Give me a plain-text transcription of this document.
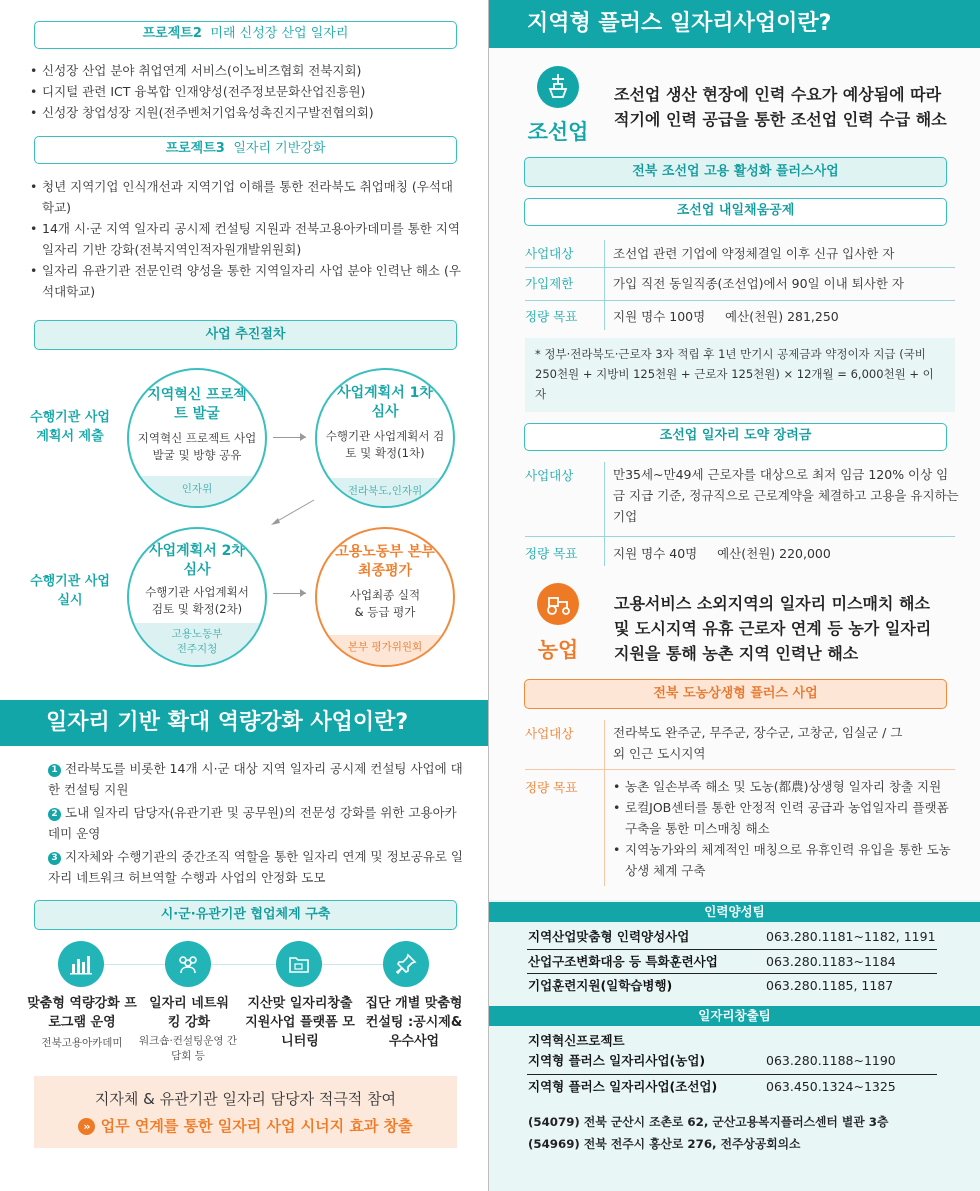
프로젝트2 미래 신성장 산업 일자리
• 신성장 산업 분야 취업연계 서비스(이노비즈협회 전북지회)
• 디지털 관련 ICT 융복합 인재양성(전주정보문화산업진흥원)
• 신성장 창업성장 지원(전주벤처기업육성촉진지구발전협의회)
프로젝트3 일자리 기반강화
• 청년 지역기업 인식개선과 지역기업 이해를 통한 전라북도 취업매칭 (우석대학교)
• 14개 시·군 지역 일자리 공시제 컨설팅 지원과 전북고용아카데미를 통한 지역 일자리 기반 강화(전북지역인적자원개발위원회)
• 일자리 유관기관 전문인력 양성을 통한 지역일자리 사업 분야 인력난 해소 (우석대학교)
사업 추진절차
수행기관 사업계획서 제출
수행기관 사업실시
지역혁신 프로젝트 발굴
지역혁신 프로젝트 사업 발굴 및 방향 공유
인자위
사업계획서 1차 심사
수행기관 사업계획서 검토 및 확정(1차)
전라북도,인자위
사업계획서 2차 심사
수행기관 사업계획서 검토 및 확정(2차)
고용노동부 전주지청
고용노동부 본부 최종평가
사업최종 실적 & 등급 평가
본부 평가위원회
일자리 기반 확대 역량강화 사업이란?
1 전라북도를 비롯한 14개 시·군 대상 지역 일자리 공시제 컨설팅 사업에 대한 컨설팅 지원
2 도내 일자리 담당자(유관기관 및 공무원)의 전문성 강화를 위한 고용아카데미 운영
3 지자체와 수행기관의 중간조직 역할을 통한 일자리 연계 및 정보공유로 일자리 네트워크 허브역할 수행과 사업의 안정화 도모
시·군·유관기관 협업체계 구축
맞춤형 역량강화 프로그램 운영
전북고용아카데미
일자리 네트워킹 강화
워크숍·컨설팅운영 간담회 등
지산맞 일자리창출 지원사업 플랫폼 모니터링
집단 개별 맞춤형 컨설팅 :공시제&우수사업
지자체 & 유관기관 일자리 담당자 적극적 참여
» 업무 연계를 통한 일자리 사업 시너지 효과 창출
지역형 플러스 일자리사업이란?
조선업
조선업 생산 현장에 인력 수요가 예상됨에 따라
적기에 인력 공급을 통한 조선업 인력 수급 해소
전북 조선업 고용 활성화 플러스사업
조선업 내일채움공제
사업대상	조선업 관련 기업에 약정체결일 이후 신규 입사한 자
가입제한	가입 직전 동일직종(조선업)에서 90일 이내 퇴사한 자
정량 목표	지원 명수 100명     예산(천원) 281,250
* 정부·전라북도·근로자 3자 적립 후 1년 만기시 공제금과 약정이자 지급 (국비 250천원 + 지방비 125천원 + 근로자 125천원) × 12개월 = 6,000천원 + 이자
조선업 일자리 도약 장려금
사업대상	만35세~만49세 근로자를 대상으로 최저 임금 120% 이상 임금 지급 기준, 정규직으로 근로계약을 체결하고 고용을 유지하는 기업
정량 목표	지원 명수 40명     예산(천원) 220,000
농업
고용서비스 소외지역의 일자리 미스매치 해소
및 도시지역 유휴 근로자 연계 등 농가 일자리
지원을 통해 농촌 지역 인력난 해소
전북 도농상생형 플러스 사업
사업대상	전라북도 완주군, 무주군, 장수군, 고창군, 임실군 / 그 외 인근 도시지역
정량 목표
•	농촌 일손부족 해소 및 도농(都農)상생형 일자리 창출 지원
• 로컬JOB센터를 통한 안정적 인력 공급과 농업일자리 플랫폼 구축을 통한 미스매칭 해소
• 지역농가와의 체계적인 매칭으로 유휴인력 유입을 통한 도농상생 체계 구축
인력양성팀
지역산업맞춤형 인력양성사업	063.280.1181~1182, 1191
산업구조변화대응 등 특화훈련사업	063.280.1183~1184
기업훈련지원(일학습병행)	063.280.1185, 1187
일자리창출팀
지역혁신프로젝트
지역형 플러스 일자리사업(농업)	063.280.1188~1190
지역형 플러스 일자리사업(조선업)	063.450.1324~1325
(54079) 전북 군산시 조촌로 62, 군산고용복지플러스센터 별관 3층
(54969) 전북 전주시 홍산로 276, 전주상공회의소
